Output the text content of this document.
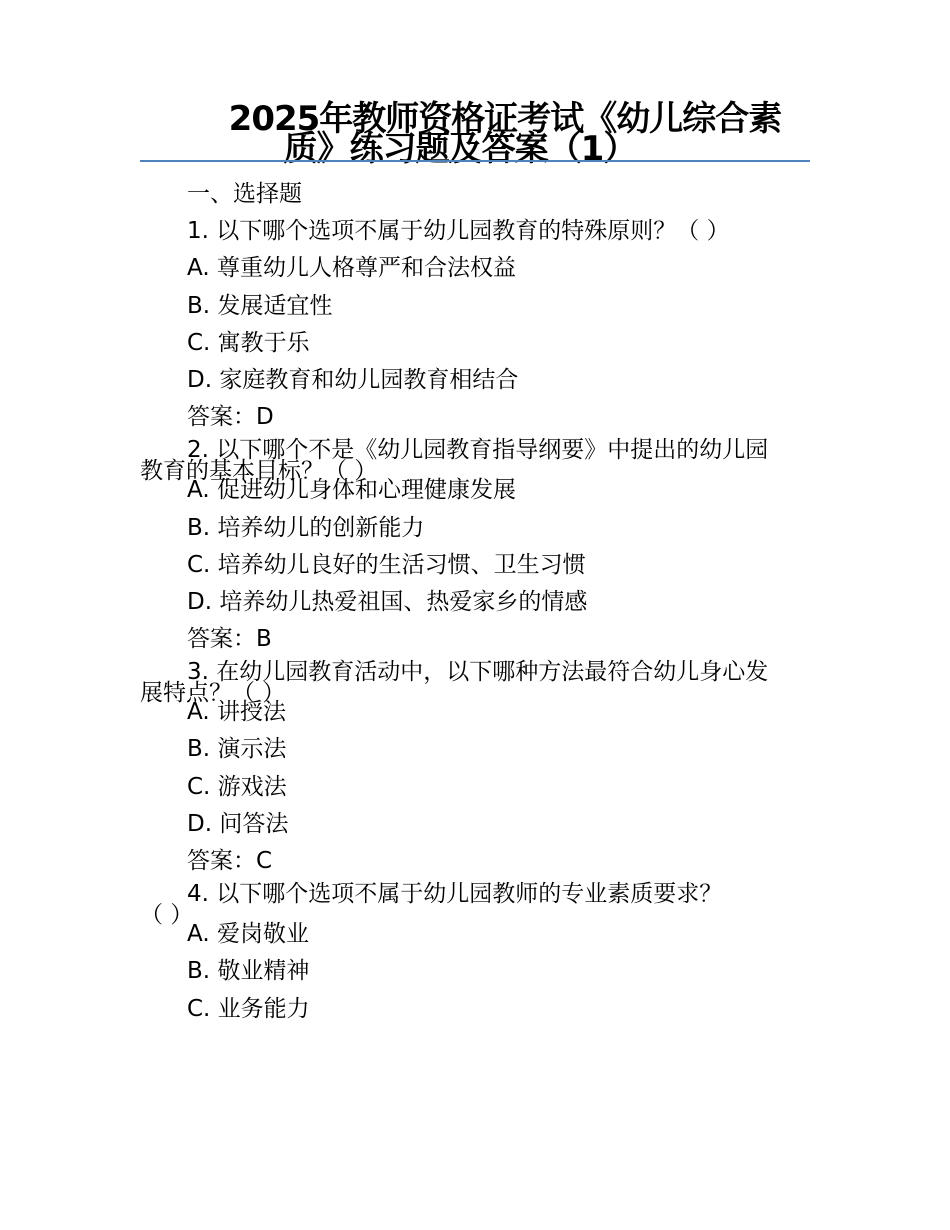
2025年教师资格证考试《幼儿综合素
质》练习题及答案（1）
一、选择题
1. 以下哪个选项不属于幼儿园教育的特殊原则？（ ）
A. 尊重幼儿人格尊严和合法权益
B. 发展适宜性
C. 寓教于乐
D. 家庭教育和幼儿园教育相结合
答案：D
2. 以下哪个不是《幼儿园教育指导纲要》中提出的幼儿园
教育的基本目标？（ ）
A. 促进幼儿身体和心理健康发展
B. 培养幼儿的创新能力
C. 培养幼儿良好的生活习惯、卫生习惯
D. 培养幼儿热爱祖国、热爱家乡的情感
答案：B
3. 在幼儿园教育活动中，以下哪种方法最符合幼儿身心发
展特点？（ ）
A. 讲授法
B. 演示法
C. 游戏法
D. 问答法
答案：C
4. 以下哪个选项不属于幼儿园教师的专业素质要求？
（ ）
A. 爱岗敬业
B. 敬业精神
C. 业务能力
